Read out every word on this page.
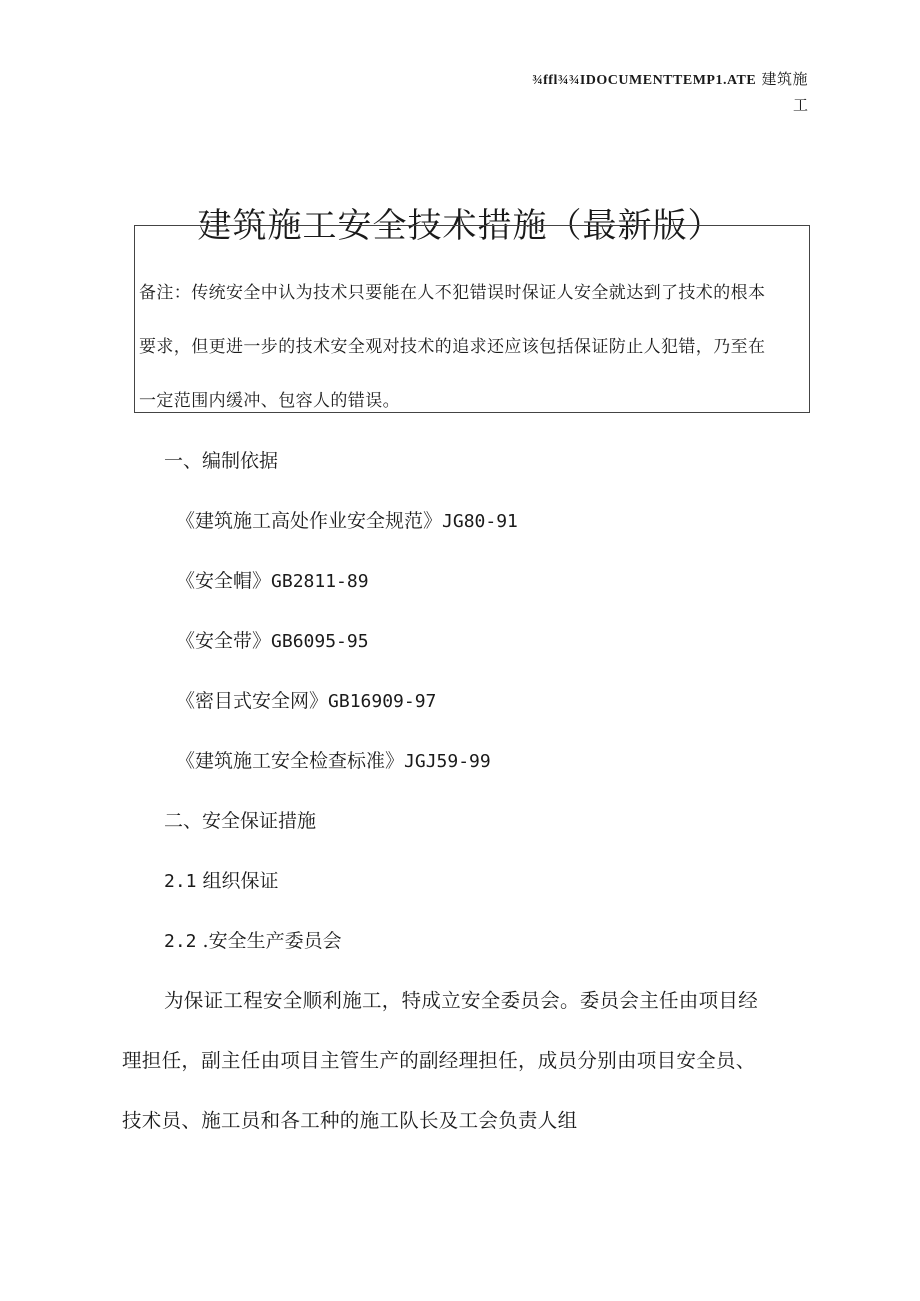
¾ffl¾¾IDOCUMENTTEMP1.ATE 建筑施
工
建筑施工安全技术措施（最新版）

备注：传统安全中认为技术只要能在人不犯错误时保证人安全就达到了技术的根本

要求，但更进一步的技术安全观对技术的追求还应该包括保证防止人犯错，乃至在

一定范围内缓冲、包容人的错误。

一、编制依据
《建筑施工高处作业安全规范》JG80-91
《安全帽》GB2811-89
《安全带》GB6095-95
《密目式安全网》GB16909-97
《建筑施工安全检查标准》JGJ59-99
二、安全保证措施
2.1 组织保证
2.2 .安全生产委员会
为保证工程安全顺利施工，特成立安全委员会。委员会主任由项目经
理担任，副主任由项目主管生产的副经理担任，成员分别由项目安全员、
技术员、施工员和各工种的施工队长及工会负责人组
